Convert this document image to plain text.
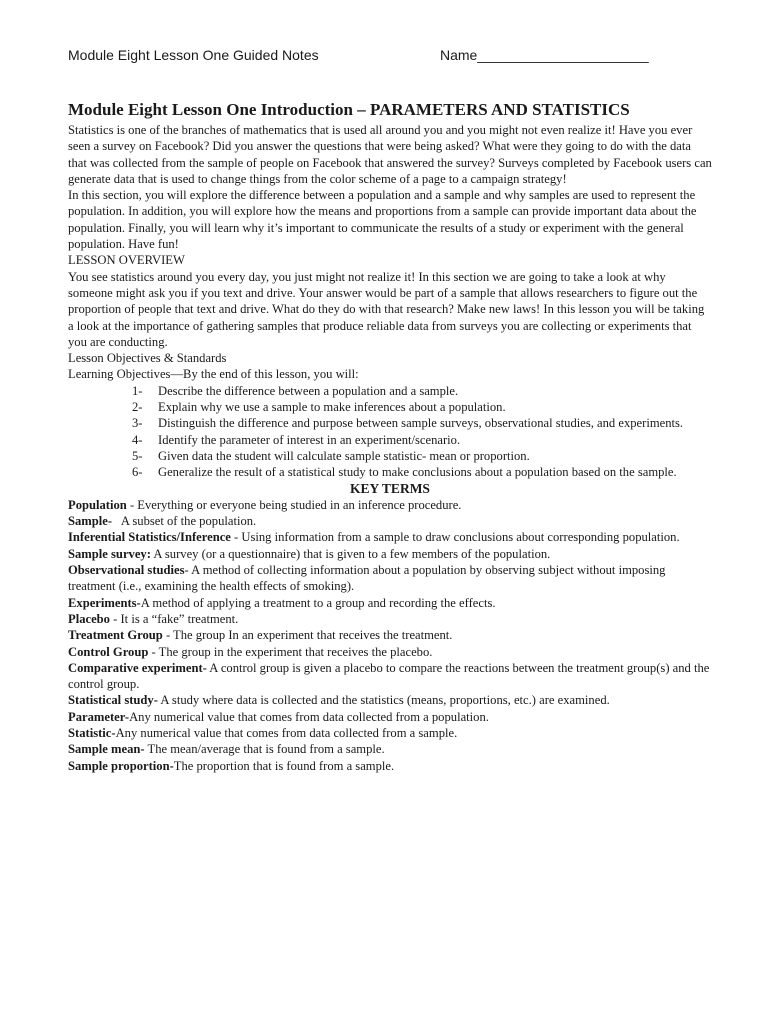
Module Eight Lesson One Guided Notes	Name______________________
Module Eight Lesson One Introduction – PARAMETERS AND STATISTICS

Statistics is one of the branches of mathematics that is used all around you and you might not even realize it! Have you ever seen a survey on Facebook? Did you answer the questions that were being asked? What were they going to do with the data that was collected from the sample of people on Facebook that answered the survey? Surveys completed by Facebook users can generate data that is used to change things from the color scheme of a page to a campaign strategy!

In this section, you will explore the difference between a population and a sample and why samples are used to represent the population. In addition, you will explore how the means and proportions from a sample can provide important data about the population. Finally, you will learn why it’s important to communicate the results of a study or experiment with the general population. Have fun!

LESSON OVERVIEW

You see statistics around you every day, you just might not realize it! In this section we are going to take a look at why someone might ask you if you text and drive. Your answer would be part of a sample that allows researchers to figure out the proportion of people that text and drive. What do they do with that research? Make new laws! In this lesson you will be taking a look at the importance of gathering samples that produce reliable data from surveys you are collecting or experiments that you are conducting.

Lesson Objectives & Standards

Learning Objectives—By the end of this lesson, you will:

1- Describe the difference between a population and a sample.
2- Explain why we use a sample to make inferences about a population.
3- Distinguish the difference and purpose between sample surveys, observational studies, and experiments.
4- Identify the parameter of interest in an experiment/scenario.
5- Given data the student will calculate sample statistic- mean or proportion.
6- Generalize the result of a statistical study to make conclusions about a population based on the sample.

KEY TERMS

Population - Everything or everyone being studied in an inference procedure.

Sample-   A subset of the population.

Inferential Statistics/Inference - Using information from a sample to draw conclusions about corresponding population.

Sample survey: A survey (or a questionnaire) that is given to a few members of the population.

Observational studies- A method of collecting information about a population by observing subject without imposing treatment (i.e., examining the health effects of smoking).

Experiments-A method of applying a treatment to a group and recording the effects.

Placebo - It is a “fake” treatment.

Treatment Group - The group In an experiment that receives the treatment.

Control Group - The group in the experiment that receives the placebo.

Comparative experiment- A control group is given a placebo to compare the reactions between the treatment group(s) and the control group.

Statistical study- A study where data is collected and the statistics (means, proportions, etc.) are examined.

Parameter-Any numerical value that comes from data collected from a population.

Statistic-Any numerical value that comes from data collected from a sample.

Sample mean- The mean/average that is found from a sample.

Sample proportion-The proportion that is found from a sample.
